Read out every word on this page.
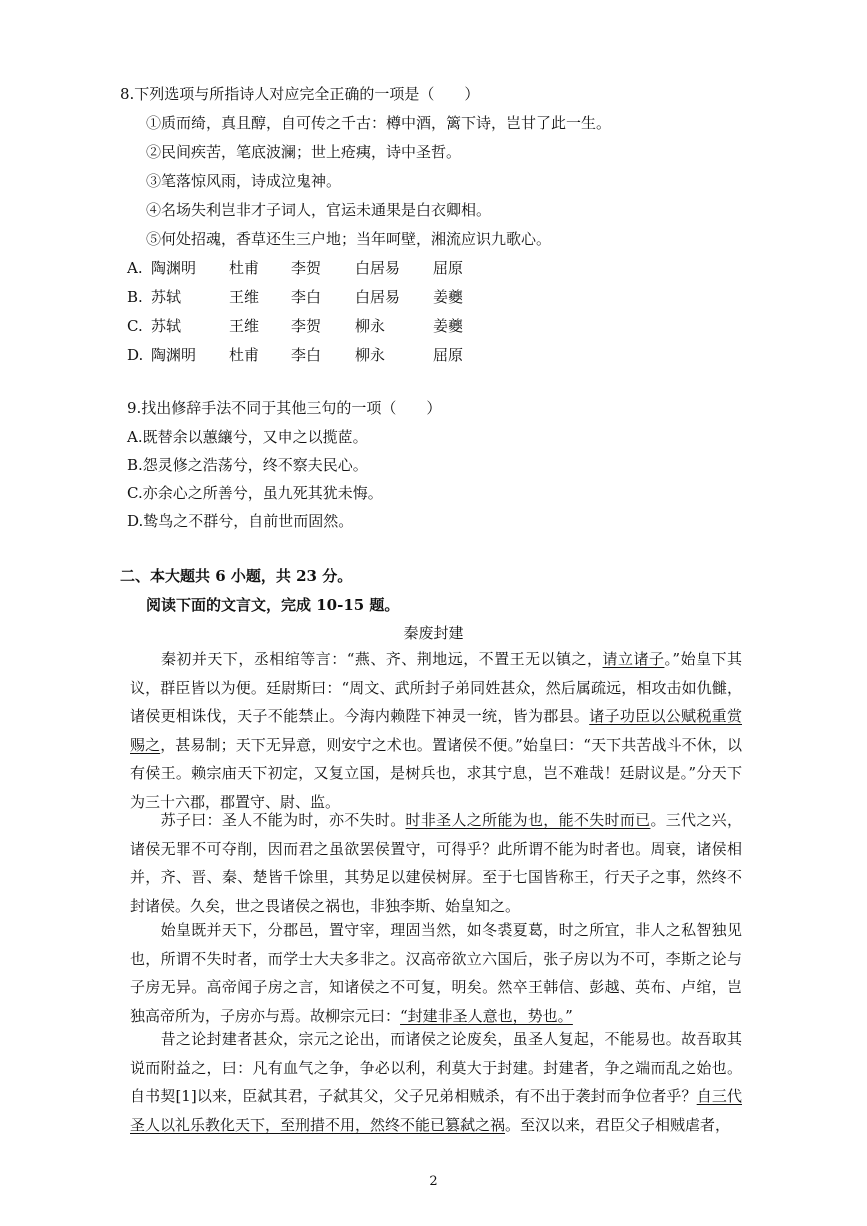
8.下列选项与所指诗人对应完全正确的一项是（　　）
①质而绮，真且醇，自可传之千古：樽中酒，篱下诗，岂甘了此一生。
②民间疾苦，笔底波澜；世上疮痍，诗中圣哲。
③笔落惊风雨，诗成泣鬼神。
④名场失利岂非才子词人，官运未通果是白衣卿相。
⑤何处招魂，香草还生三户地；当年呵壁，湘流应识九歌心。
A. 陶渊明 杜甫 李贺 白居易 屈原
B. 苏轼	王维 李白 白居易 姜夔
C. 苏轼	王维 李贺 柳永	姜夔
D. 陶渊明 杜甫 李白 柳永	屈原
9.找出修辞手法不同于其他三句的一项（　　）
A.既替余以蕙纕兮，又申之以揽茝。
B.怨灵修之浩荡兮，终不察夫民心。
C.亦余心之所善兮，虽九死其犹未悔。
D.鸷鸟之不群兮，自前世而固然。
二、本大题共 6 小题，共 23 分。
阅读下面的文言文，完成 10-15 题。
秦废封建
　　秦初并天下，丞相绾等言：“燕、齐、荆地远，不置王无以镇之，请立诸子。”始皇下其议，群臣皆以为便。廷尉斯曰：“周文、武所封子弟同姓甚众，然后属疏远，相攻击如仇雠，诸侯更相诛伐，天子不能禁止。今海内赖陛下神灵一统，皆为郡县。诸子功臣以公赋税重赏赐之，甚易制；天下无异意，则安宁之术也。置诸侯不便。”始皇曰：“天下共苦战斗不休，以有侯王。赖宗庙天下初定，又复立国，是树兵也，求其宁息，岂不难哉！廷尉议是。”分天下为三十六郡，郡置守、尉、监。
　　苏子曰：圣人不能为时，亦不失时。时非圣人之所能为也，能不失时而已。三代之兴，诸侯无罪不可夺削，因而君之虽欲罢侯置守，可得乎？此所谓不能为时者也。周衰，诸侯相并，齐、晋、秦、楚皆千馀里，其势足以建侯树屏。至于七国皆称王，行天子之事，然终不封诸侯。久矣，世之畏诸侯之祸也，非独李斯、始皇知之。
　　始皇既并天下，分郡邑，置守宰，理固当然，如冬裘夏葛，时之所宜，非人之私智独见也，所谓不失时者，而学士大夫多非之。汉高帝欲立六国后，张子房以为不可，李斯之论与子房无异。高帝闻子房之言，知诸侯之不可复，明矣。然卒王韩信、彭越、英布、卢绾，岂独高帝所为，子房亦与焉。故柳宗元曰：“封建非圣人意也，势也。”
　　昔之论封建者甚众，宗元之论出，而诸侯之论废矣，虽圣人复起，不能易也。故吾取其说而附益之，曰：凡有血气之争，争必以利，利莫大于封建。封建者，争之端而乱之始也。自书契[1]以来，臣弑其君，子弑其父，父子兄弟相贼杀，有不出于袭封而争位者乎？自三代圣人以礼乐教化天下，至刑措不用，然终不能已篡弑之祸。至汉以来，君臣父子相贼虐者，
2
